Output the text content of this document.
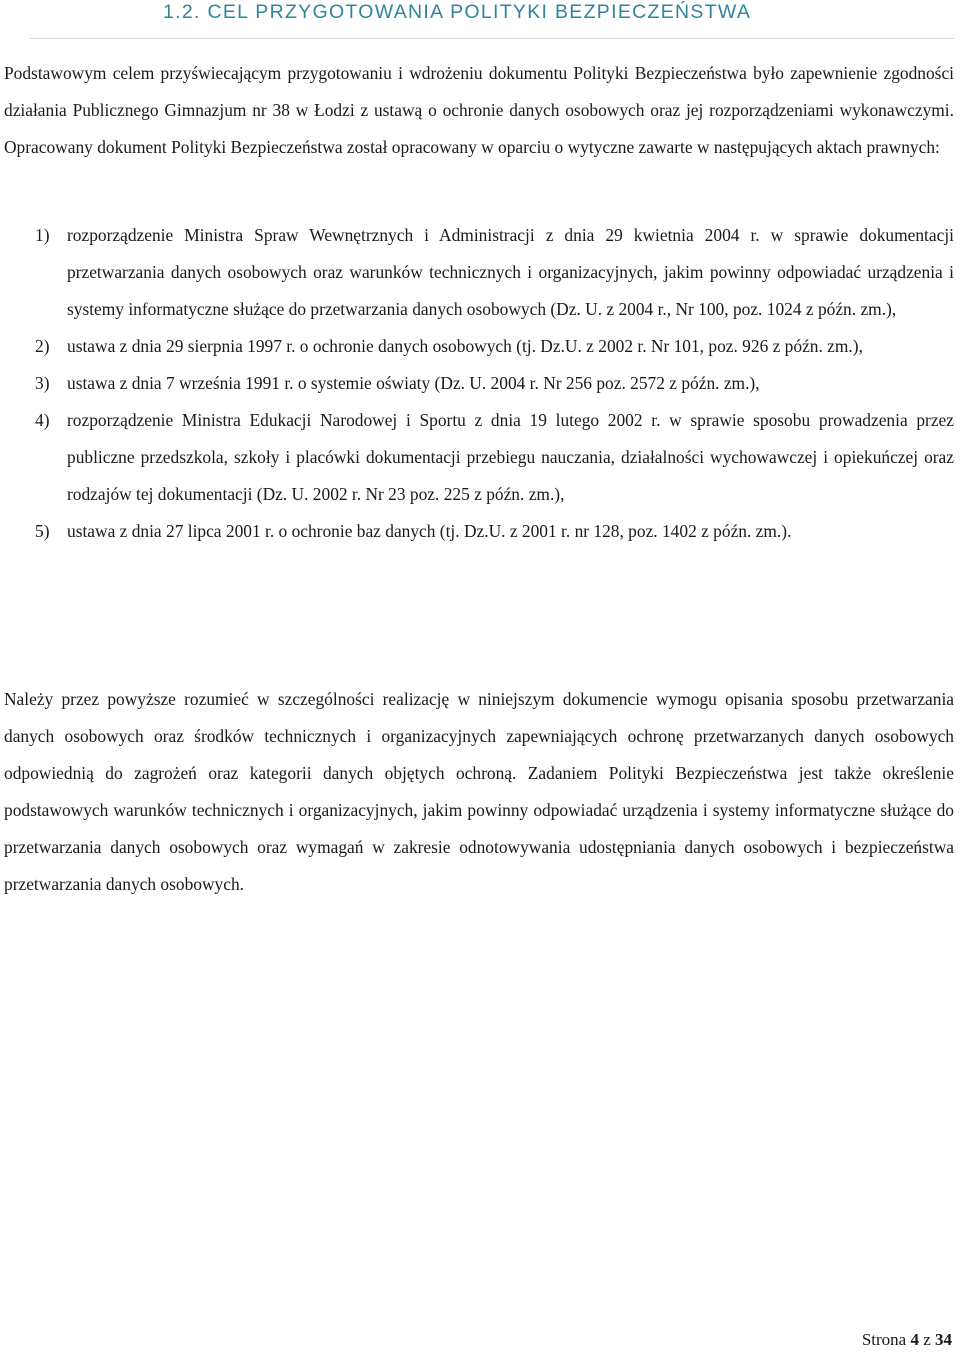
1.2. CEL PRZYGOTOWANIA POLITYKI BEZPIECZEŃSTWA

Podstawowym celem przyświecającym przygotowaniu i wdrożeniu dokumentu Polityki Bezpieczeństwa było zapewnienie zgodności działania Publicznego Gimnazjum nr 38 w Łodzi z ustawą o ochronie danych osobowych oraz jej rozporządzeniami wykonawczymi. Opracowany dokument Polityki Bezpieczeństwa został opracowany w oparciu o wytyczne zawarte w następujących aktach prawnych:

1) rozporządzenie Ministra Spraw Wewnętrznych i Administracji z dnia 29 kwietnia 2004 r. w sprawie dokumentacji przetwarzania danych osobowych oraz warunków technicznych i organizacyjnych, jakim powinny odpowiadać urządzenia i systemy informatyczne służące do przetwarzania danych osobowych (Dz. U. z 2004 r., Nr 100, poz. 1024 z późn. zm.),
2) ustawa z dnia 29 sierpnia 1997 r. o ochronie danych osobowych (tj. Dz.U. z 2002 r. Nr 101, poz. 926 z późn. zm.),
3) ustawa z dnia 7 września 1991 r. o systemie oświaty (Dz. U. 2004 r. Nr 256 poz. 2572 z późn. zm.),
4) rozporządzenie Ministra Edukacji Narodowej i Sportu z dnia 19 lutego 2002 r. w sprawie sposobu prowadzenia przez publiczne przedszkola, szkoły i placówki dokumentacji przebiegu nauczania, działalności wychowawczej i opiekuńczej oraz rodzajów tej dokumentacji (Dz. U. 2002 r. Nr 23 poz. 225 z późn. zm.),
5) ustawa z dnia 27 lipca 2001 r. o ochronie baz danych (tj. Dz.U. z 2001 r. nr 128, poz. 1402 z późn. zm.).

Należy przez powyższe rozumieć w szczególności realizację w niniejszym dokumencie wymogu opisania sposobu przetwarzania danych osobowych oraz środków technicznych i organizacyjnych zapewniających ochronę przetwarzanych danych osobowych odpowiednią do zagrożeń oraz kategorii danych objętych ochroną. Zadaniem Polityki Bezpieczeństwa jest także określenie podstawowych warunków technicznych i organizacyjnych, jakim powinny odpowiadać urządzenia i systemy informatyczne służące do przetwarzania danych osobowych oraz wymagań w zakresie odnotowywania udostępniania danych osobowych i bezpieczeństwa przetwarzania danych osobowych.

Strona 4 z 34
